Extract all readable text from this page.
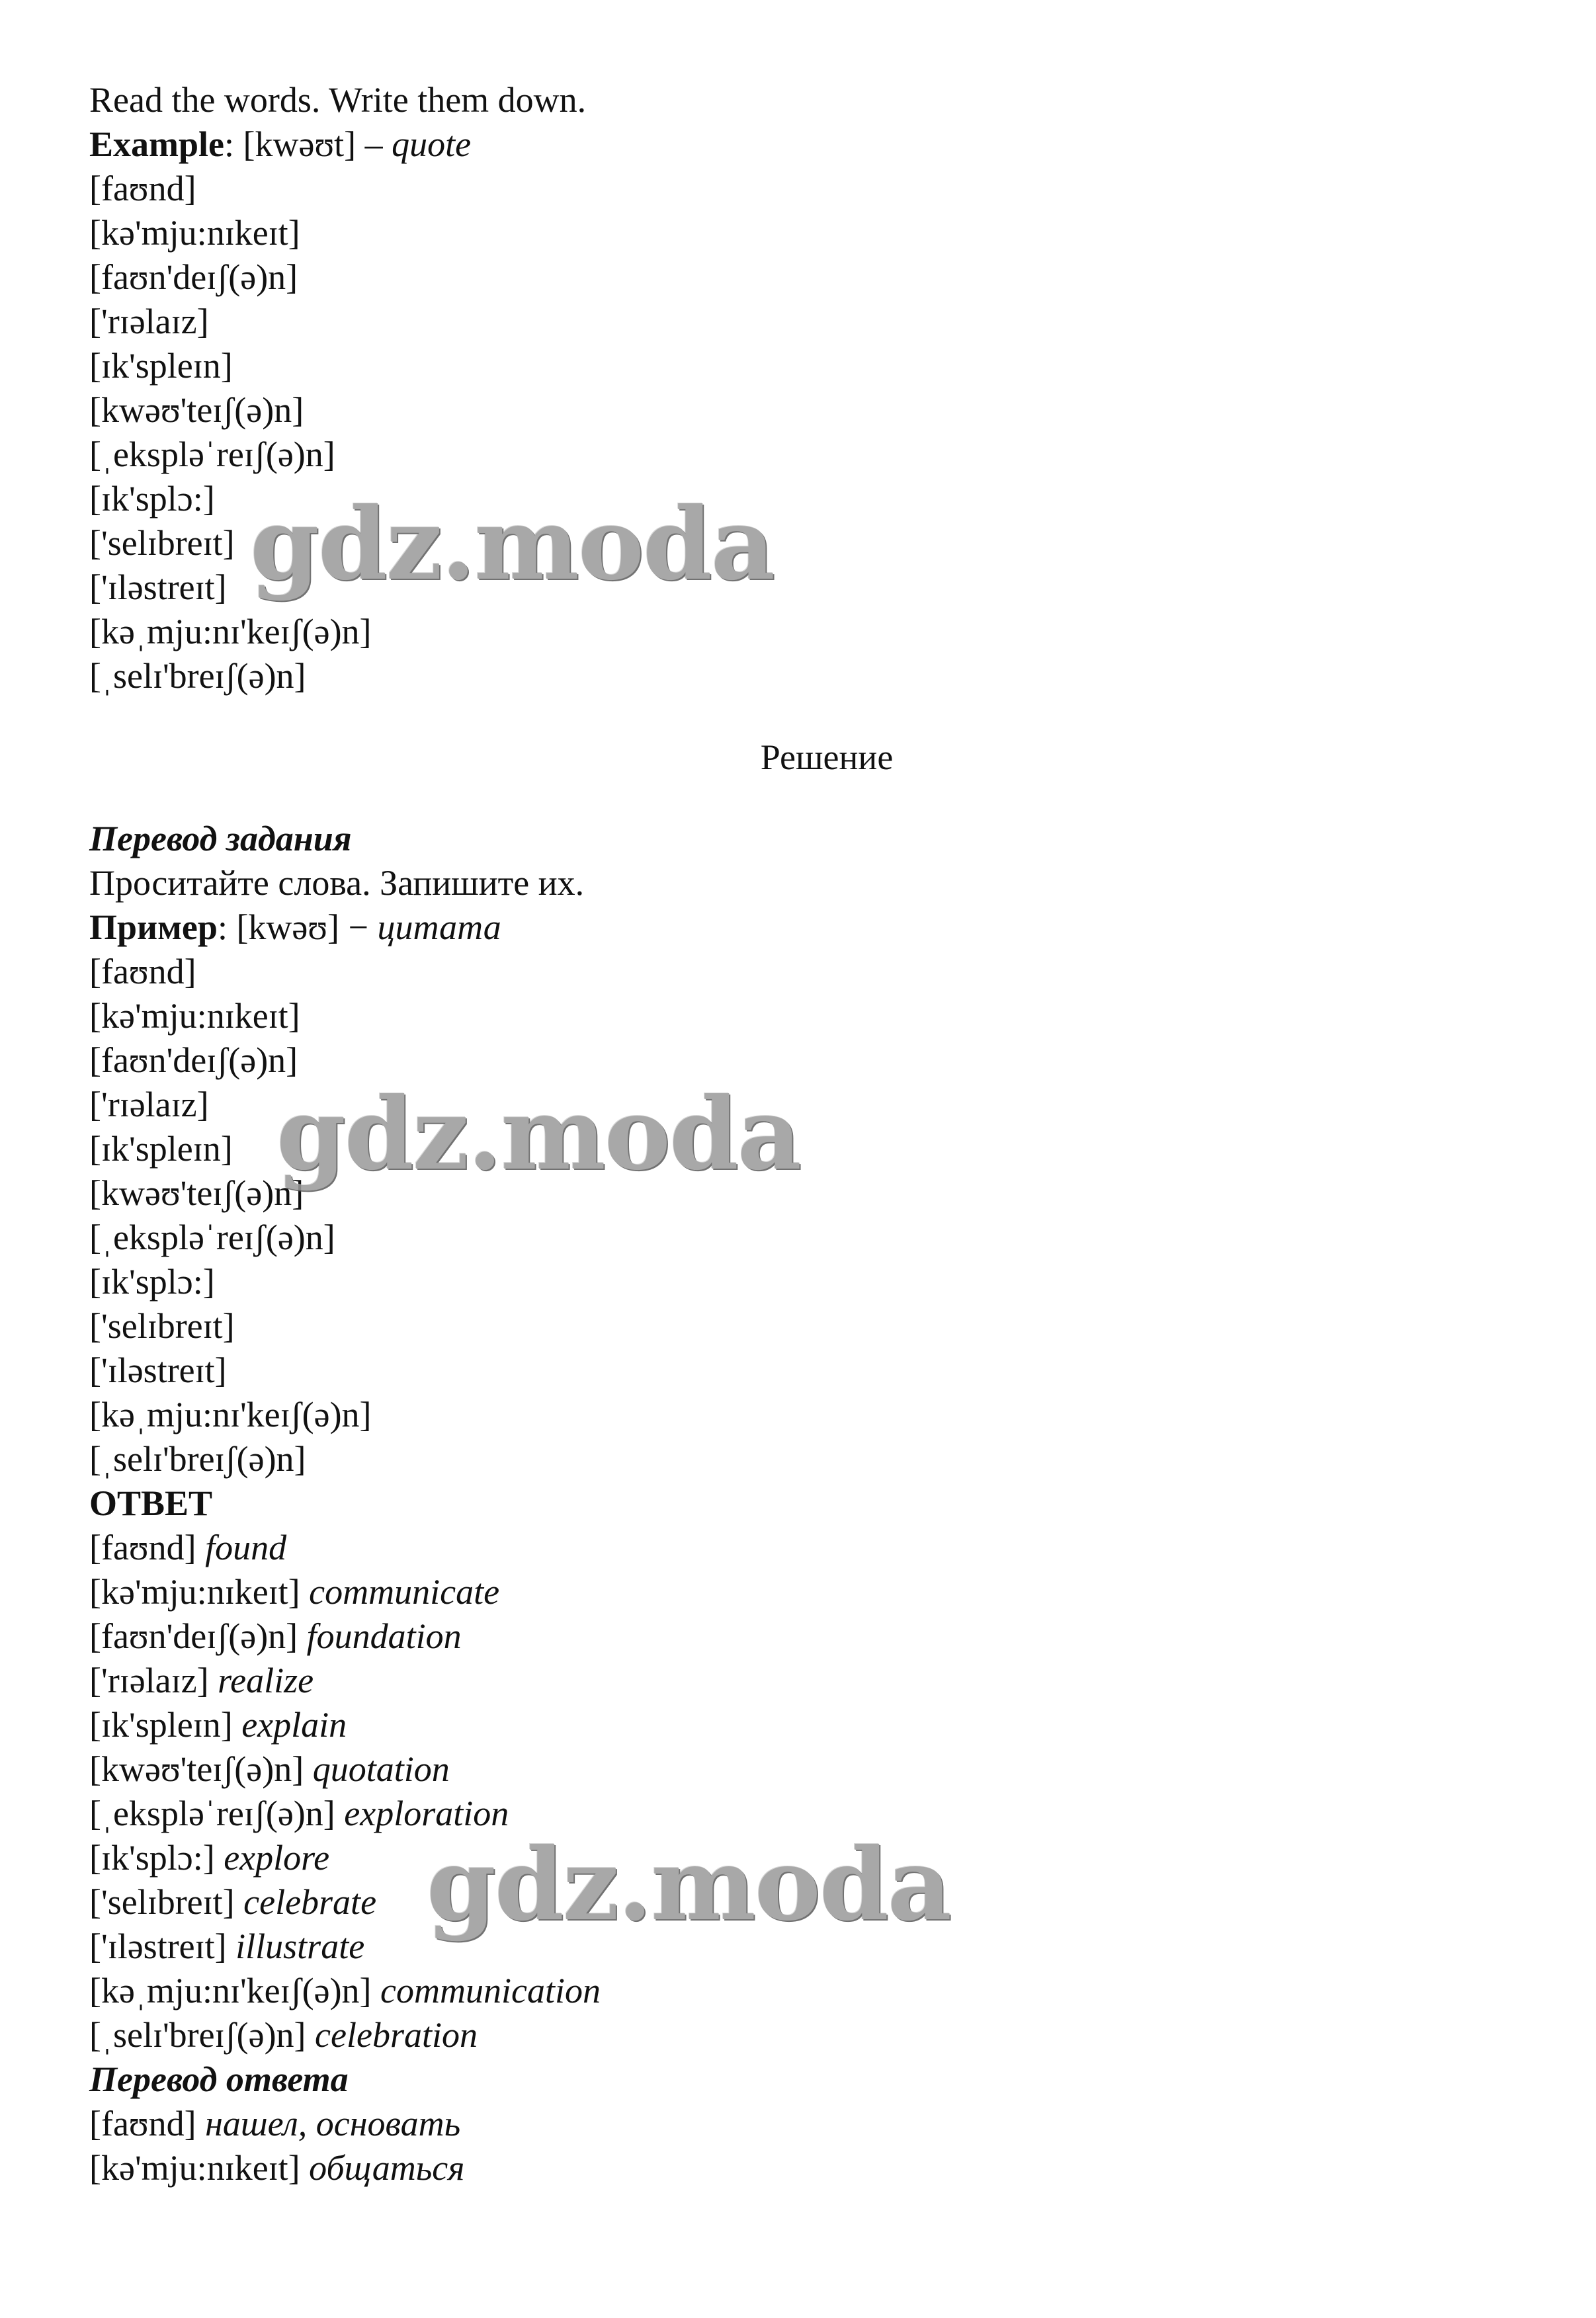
Read the words. Write them down.
Example: [kwəʊt] – quote
[faʊnd]
[kə'mju:nɪkeɪt]
[faʊn'deɪʃ(ə)n]
['rɪəlaɪz]
[ɪk'spleɪn]
[kwəʊ'teɪʃ(ə)n]
[ˌekspləˈreɪʃ(ə)n]
[ɪk'splɔ:]
['selɪbreɪt]
['ɪləstreɪt]
[kəˌmju:nɪ'keɪʃ(ə)n]
[ˌselɪ'breɪʃ(ə)n]
Решение
Перевод задания
Проситайте слова. Запишите их.
Пример: [kwəʊ] − цитата
[faʊnd]
[kə'mju:nɪkeɪt]
[faʊn'deɪʃ(ə)n]
['rɪəlaɪz]
[ɪk'spleɪn]
[kwəʊ'teɪʃ(ə)n]
[ˌekspləˈreɪʃ(ə)n]
[ɪk'splɔ:]
['selɪbreɪt]
['ɪləstreɪt]
[kəˌmju:nɪ'keɪʃ(ə)n]
[ˌselɪ'breɪʃ(ə)n]
ОТВЕТ
[faʊnd] found
[kə'mju:nɪkeɪt] communicate
[faʊn'deɪʃ(ə)n] foundation
['rɪəlaɪz] realize
[ɪk'spleɪn] explain
[kwəʊ'teɪʃ(ə)n] quotation
[ˌekspləˈreɪʃ(ə)n] exploration
[ɪk'splɔ:] explore
['selɪbreɪt] celebrate
['ɪləstreɪt] illustrate
[kəˌmju:nɪ'keɪʃ(ə)n] communication
[ˌselɪ'breɪʃ(ə)n] celebration
Перевод ответа
[faʊnd] нашел, основать
[kə'mju:nɪkeɪt] общаться
gdz.moda
gdz.moda
gdz.moda
